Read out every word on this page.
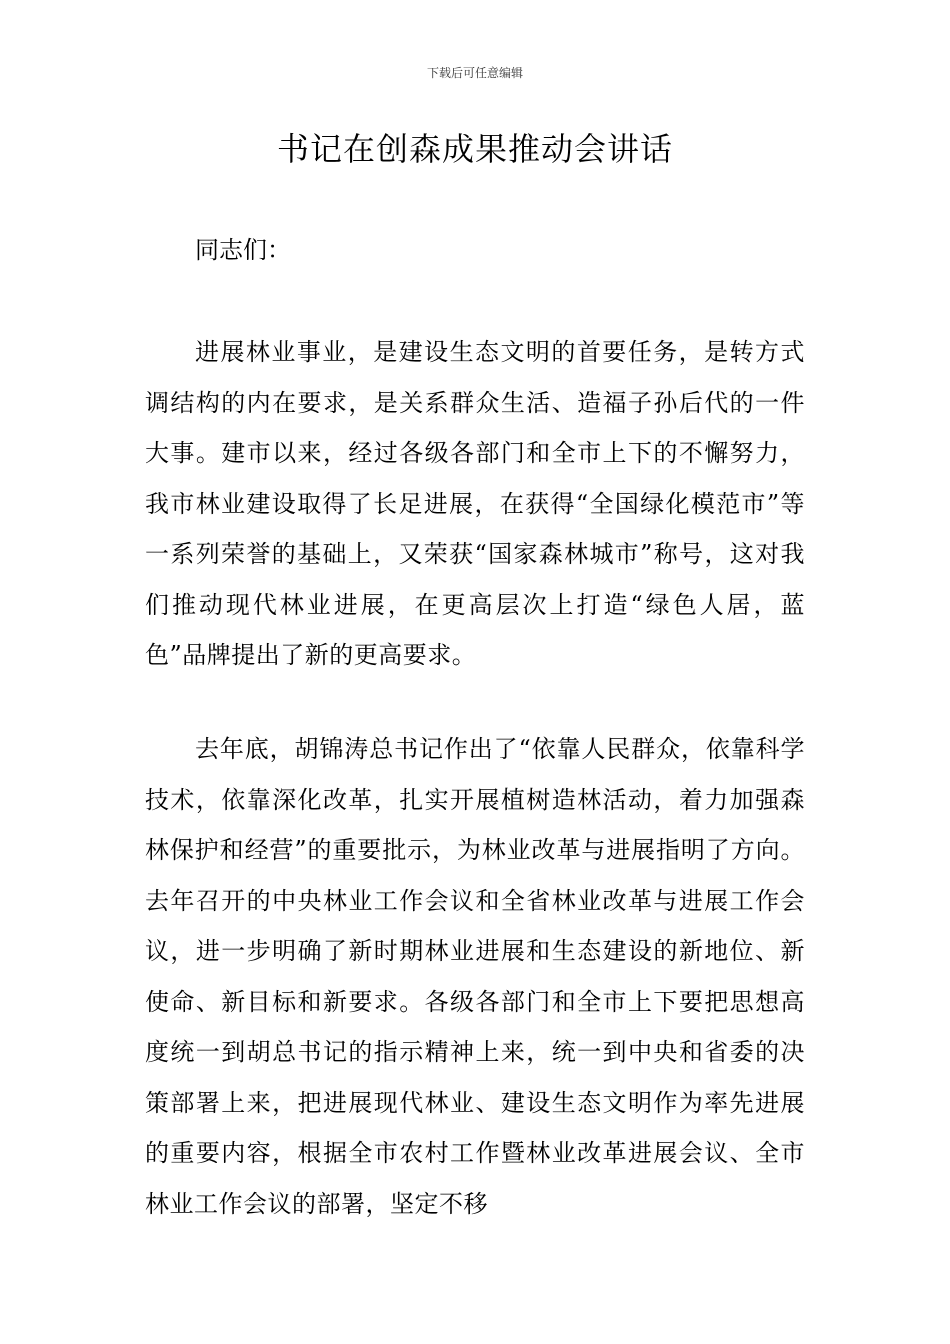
下载后可任意编辑
书记在创森成果推动会讲话
同志们：

进展林业事业，是建设生态文明的首要任务，是转方式调结构的内在要求，是关系群众生活、造福子孙后代的一件大事。建市以来，经过各级各部门和全市上下的不懈努力，我市林业建设取得了长足进展，在获得“全国绿化模范市”等一系列荣誉的基础上，又荣获“国家森林城市”称号，这对我们推动现代林业进展，在更高层次上打造“绿色人居，蓝色”品牌提出了新的更高要求。

去年底，胡锦涛总书记作出了“依靠人民群众，依靠科学技术，依靠深化改革，扎实开展植树造林活动，着力加强森林保护和经营”的重要批示，为林业改革与进展指明了方向。去年召开的中央林业工作会议和全省林业改革与进展工作会议，进一步明确了新时期林业进展和生态建设的新地位、新使命、新目标和新要求。各级各部门和全市上下要把思想高度统一到胡总书记的指示精神上来，统一到中央和省委的决策部署上来，把进展现代林业、建设生态文明作为率先进展的重要内容，根据全市农村工作暨林业改革进展会议、全市林业工作会议的部署，坚定不移
